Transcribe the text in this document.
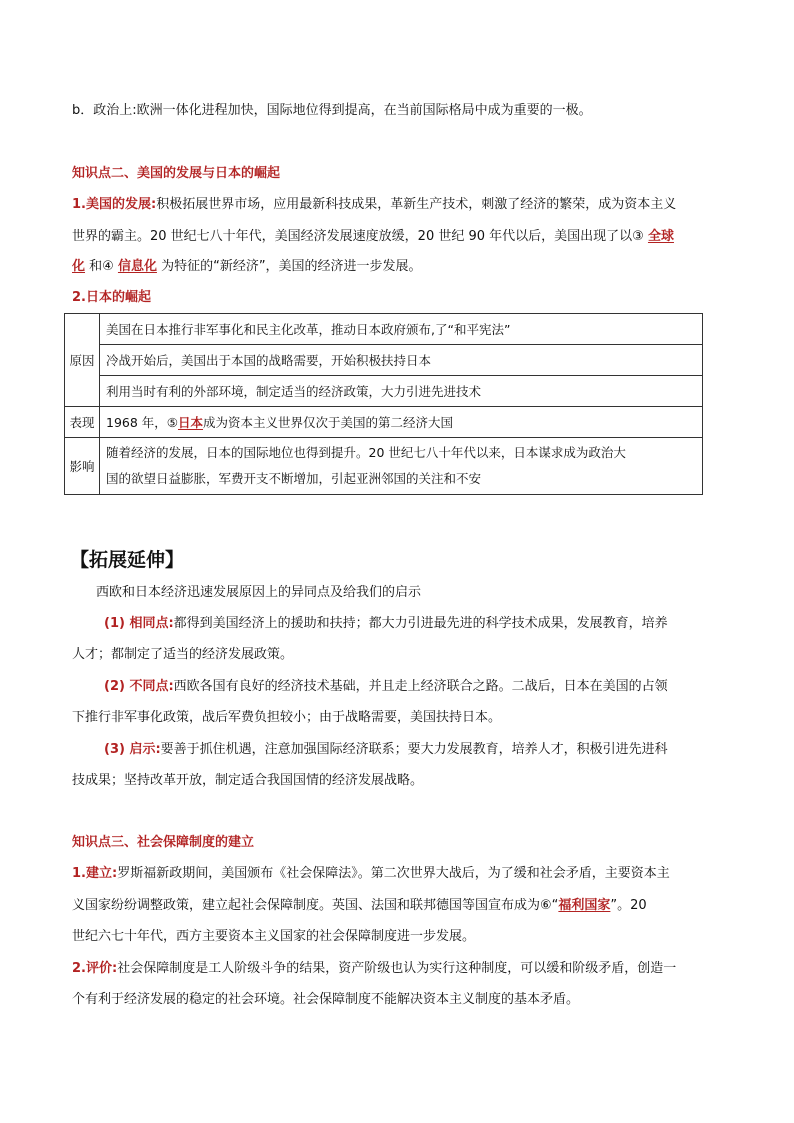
b．政治上:欧洲一体化进程加快，国际地位得到提高，在当前国际格局中成为重要的一极。
知识点二、美国的发展与日本的崛起
1.美国的发展:积极拓展世界市场，应用最新科技成果，革新生产技术，刺激了经济的繁荣，成为资本主义
世界的霸主。20 世纪七八十年代，美国经济发展速度放缓，20 世纪 90 年代以后，美国出现了以③ 全球
化 和④ 信息化 为特征的“新经济”，美国的经济进一步发展。
2.日本的崛起
原因	美国在日本推行非军事化和民主化改革，推动日本政府颁布,了“和平宪法”
	冷战开始后，美国出于本国的战略需要，开始积极扶持日本
	利用当时有利的外部环境，制定适当的经济政策，大力引进先进技术
表现	1968 年，⑤日本成为资本主义世界仅次于美国的第二经济大国
影响	随着经济的发展，日本的国际地位也得到提升。20 世纪七八十年代以来，日本谋求成为政治大
国的欲望日益膨胀，军费开支不断增加，引起亚洲邻国的关注和不安
【拓展延伸】
西欧和日本经济迅速发展原因上的异同点及给我们的启示
(1) 相同点:都得到美国经济上的援助和扶持；都大力引进最先进的科学技术成果，发展教育，培养
人才；都制定了适当的经济发展政策。
(2) 不同点:西欧各国有良好的经济技术基础，并且走上经济联合之路。二战后，日本在美国的占领
下推行非军事化政策，战后军费负担较小；由于战略需要，美国扶持日本。
(3) 启示:要善于抓住机遇，注意加强国际经济联系；要大力发展教育，培养人才，积极引进先进科
技成果；坚持改革开放，制定适合我国国情的经济发展战略。
知识点三、社会保障制度的建立
1.建立:罗斯福新政期间，美国颁布《社会保障法》。第二次世界大战后，为了缓和社会矛盾，主要资本主
义国家纷纷调整政策，建立起社会保障制度。英国、法国和联邦德国等国宣布成为⑥“福利国家”。20
世纪六七十年代，西方主要资本主义国家的社会保障制度进一步发展。
2.评价:社会保障制度是工人阶级斗争的结果，资产阶级也认为实行这种制度，可以缓和阶级矛盾，创造一
个有利于经济发展的稳定的社会环境。社会保障制度不能解决资本主义制度的基本矛盾。
